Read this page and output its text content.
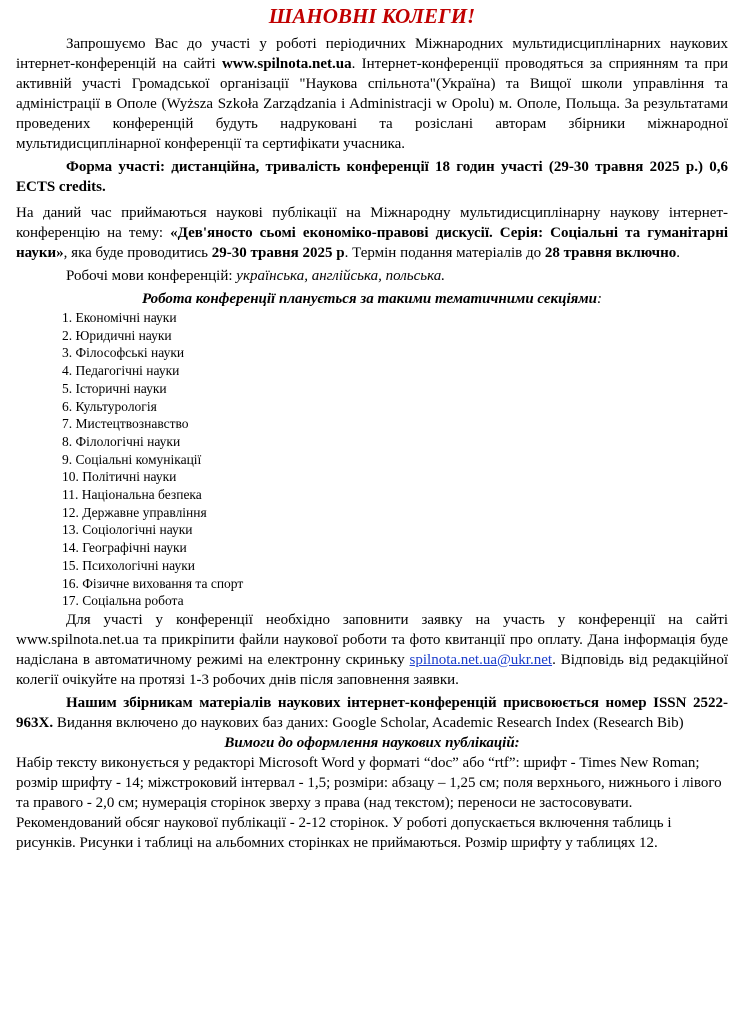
ШАНОВНІ КОЛЕГИ!

Запрошуємо Вас до участі у роботі періодичних Міжнародних мультидисциплінарних наукових інтернет-конференцій на сайті www.spilnota.net.ua. Інтернет-конференції проводяться за сприянням та при активній участі Громадської організації "Наукова спільнота"(Україна) та Вищої школи управління та адміністрації в Ополе (Wyższa Szkoła Zarządzania i Administracji w Opolu) м. Ополе, Польща. За результатами проведених конференцій будуть надруковані та розіслані авторам збірники міжнародної мультидисциплінарної конференції та сертифікати учасника.

Форма участі: дистанційна, тривалість конференції 18 годин участі (29-30 травня 2025 р.) 0,6 ECTS credits.

На даний час приймаються наукові публікації на Міжнародну мультидисциплінарну наукову інтернет-конференцію на тему: «Дев'яносто сьомі економіко-правові дискусії. Серія: Соціальні та гуманітарні науки», яка буде проводитись 29-30 травня 2025 р. Термін подання матеріалів до 28 травня включно.

Робочі мови конференцій: українська, англійська, польська.

Робота конференції планується за такими тематичними секціями:

1. Економічні науки
2. Юридичні науки
3. Філософські науки
4. Педагогічні науки
5. Історичні науки
6. Культурологія
7. Мистецтвознавство
8. Філологічні науки
9. Соціальні комунікації
10. Політичні науки
11. Національна безпека
12. Державне управління
13. Соціологічні науки
14. Географічні науки
15. Психологічні науки
16. Фізичне виховання та спорт
17. Соціальна робота

Для участі у конференції необхідно заповнити заявку на участь у конференції на сайті www.spilnota.net.ua та прикріпити файли наукової роботи та фото квитанції про оплату. Дана інформація буде надіслана в автоматичному режимі на електронну скриньку spilnota.net.ua@ukr.net. Відповідь від редакційної колегії очікуйте на протязі 1-3 робочих днів після заповнення заявки.

Нашим збірникам матеріалів наукових інтернет-конференцій присвоюється номер ISSN 2522-963Х. Видання включено до наукових баз даних: Google Scholar, Academic Research Index (Research Bib)

Вимоги до оформлення наукових публікацій:

Набір тексту виконується у редакторі Microsoft Word у форматі “doc” або “rtf”: шрифт - Times New Roman; розмір шрифту - 14; міжстроковий інтервал - 1,5; розміри: абзацу – 1,25 см; поля верхнього, нижнього і лівого та правого - 2,0 см; нумерація сторінок зверху з права (над текстом); переноси не застосовувати. Рекомендований обсяг наукової публікації - 2-12 сторінок. У роботі допускається включення таблиць і рисунків. Рисунки і таблиці на альбомних сторінках не приймаються. Розмір шрифту у таблицях 12.
